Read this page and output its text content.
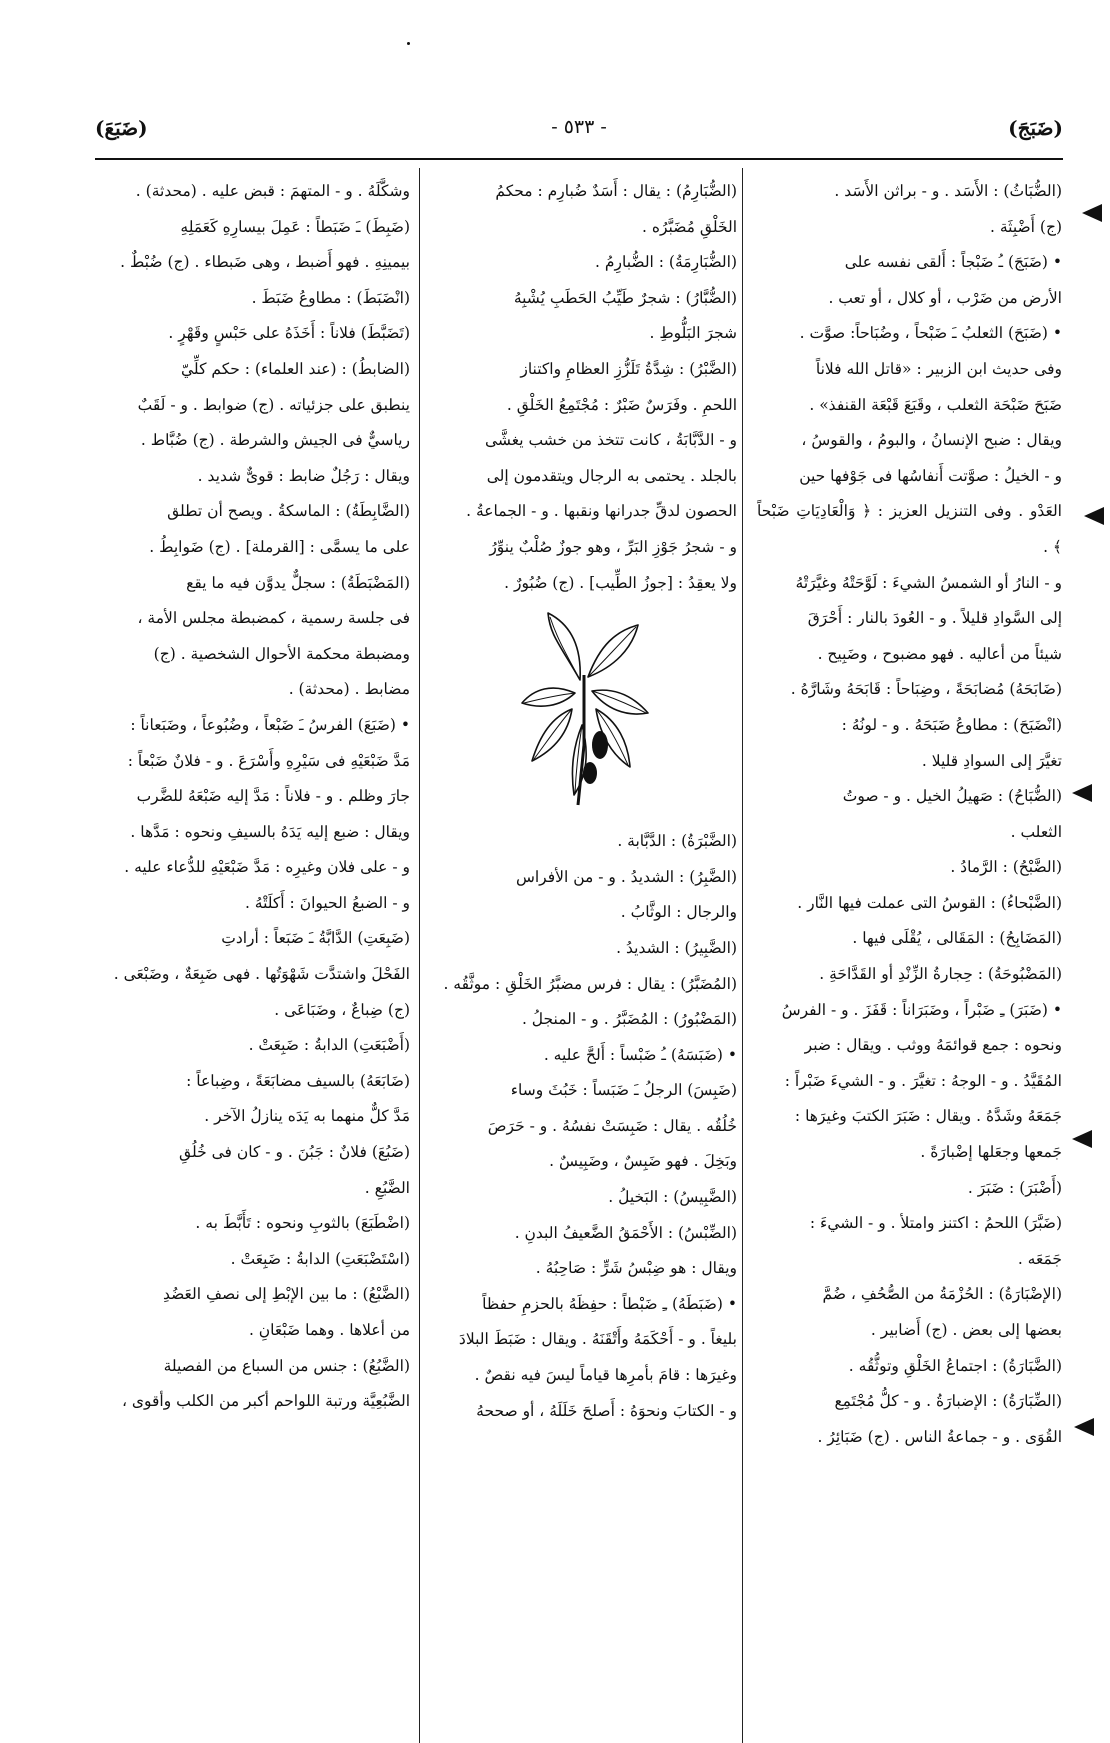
(ضَبَجَ)
- ٥٣٣ -
(ضَبَعَ)

(الضُّبَاثُ) : الأَسَد . و - براثن الأَسَد .

(ج) أَضْبِثَة .

• (ضَبَجَ) ـُ ضَبْجاً : أَلقى نفسه على

الأرض من ضَرْب ، أو كلال ، أو تعب .

• (ضَبَحَ) الثعلبُ ـَ ضَبْحاً ، وضُبَاحاً: صوَّت .

وفى حديث ابن الزبير : «قاتل الله فلاناً

ضَبَحَ ضَبْحَة الثعلب ، وقَبَعَ قَبْعَة القنفذ» .

ويقال : ضبح الإنسانُ ، والبومُ ، والقوسُ ،

و - الخيلُ : صوَّتت أَنفاسُها فى جَوْفها حين

العَدْو . وفى التنزيل العزيز : ﴿ وَالْعَادِيَاتِ ضَبْحاً ﴾ .

و - النارُ أو الشمسُ الشيءَ : لَوَّحَتْهُ وغيَّرَتْهُ

إلى السَّوادِ قليلاً . و - العُودَ بالنار : أَحْرَقَ

شيئاً من أعاليه . فهو مضبوح ، وضَبِيح .

(ضَابَحَهُ) مُضابَحَةً ، وضِبَاحاً : قَابَحَهُ وشَارَّهُ .

(انْضَبَحَ) : مطاوعُ ضَبَحَهُ . و - لونُهُ :

تغيَّرَ إلى السوادِ قليلا .

(الضُّبَاحُ) : صَهيلُ الخيل . و - صوتُ

الثعلب .

(الضَّبْحُ) : الرَّمادُ .

(الضَّبْحاءُ) : القوسُ التى عملت فيها النَّار .

(المَضَابِحُ) : المَقَالى ، يُقْلَى فيها .

(المَضْبُوحَةُ) : حِجارةُ الزِّنْدِ أو القَدَّاحَةِ .

• (ضَبَرَ) ـِ ضَبْراً ، وضَبَرَاناً : قَفَزَ . و - الفرسُ

ونحوه : جمع قوائمَهُ ووثب . ويقال : ضبر

المُقَيَّدُ . و - الوجهُ : تغيَّرَ . و - الشيءَ ضَبْراً :

جَمَعَهُ وشَدَّهُ . ويقال : ضَبَرَ الكتبَ وغيرَها :

جَمعها وجعَلها إضْبارَةً .

(أَضْبَرَ) : ضَبَرَ .

(ضَبَّرَ) اللحمُ : اكتنز وامتلأ . و - الشيءَ :

جَمَعَه .

(الإضْبَارَةُ) : الحُزْمَةُ من الصُّحُفِ ، ضُمَّ

بعضها إلى بعض . (ج) أَضابير .

(الضَّبَارَةُ) : اجتماعُ الخَلْقِ وتوثُّقُه .

(الضِّبَارَةُ) : الإضبارَةُ . و - كلُّ مُجْتَمِع

القُوَى . و - جماعةُ الناس . (ج) ضَبَائِرُ .

(الضُّبَارِمُ) : يقال : أَسَدٌ ضُبارِم : محكمُ

الخَلْقِ مُضَبَّرُه .

(الضُّبَارِمَةُ) : الضُّبارِمُ .

(الضُّبَّارُ) : شجرٌ طَيِّبُ الحَطَبِ يُشْبِهُ

شجرَ البَلُّوطِ .

(الضَّبْرُ) : شِدَّةُ تَلَزُّزِ العظامِ واكتناز

اللحمِ . وفَرَسٌ ضَبْرٌ : مُجْتَمِعُ الخَلْقِ .

و - الدَّبَّابَةُ ، كانت تتخذ من خشب يغشَّى

بالجلد . يحتمى به الرجال ويتقدمون إلى

الحصون لدقِّ جدرانها ونقبها . و - الجماعةُ .

و - شجرُ جَوْزِ البَرِّ ، وهو جوزٌ صُلْبٌ ينوِّرُ

ولا يعقِدُ : [جوزُ الطِّيب] . (ج) ضُبُورٌ .

(الضَّبْرَةُ) : الدَّبَّابة .

(الضَّبِرُ) : الشديدُ . و - من الأفراس

والرجال : الوثَّابُ .

(الضَّبِيرُ) : الشديدُ .

(المُضَبَّرُ) : يقال : فرس مضبَّرُ الخَلْقِ : موثَّقُه .

(المَضْبُورُ) : المُضَبَّرُ . و - المنجلُ .

• (ضَبَسَهُ) ـُ ضَبْساً : أَلحَّ عليه .

(ضَبِسَ) الرجلُ ـَ ضَبَساً : خَبُثَ وساء

خُلُقُه . يقال : ضَبِسَتْ نفسُهُ . و - حَرَصَ

وبَخِلَ . فهو ضَبِسٌ ، وضَبِيسٌ .

(الضَّبِيسُ) : البَخيلُ .

(الضِّبْسُ) : الأَحْمَقُ الضَّعيفُ البدنِ .

ويقال : هو ضِبْسُ شَرٍّ : صَاحِبُهُ .

• (ضَبَطَهُ) ـِ ضَبْطاً : حفِظَهُ بالحزمِ حفظاً

بليغاً . و - أَحْكَمَهُ وأَتْقَنَهُ . ويقال : ضَبَطَ البلادَ

وغيرَها : قامَ بأمرِها قياماً ليسَ فيه نقصٌ .

و - الكتابَ ونحوَهُ : أَصلحَ خَلَلَهُ ، أو صححهُ

وشكَّلَهُ . و - المتهمَ : قبض عليه . (محدثة) .

(ضَبِطَ) ـَ ضَبَطاً : عَمِلَ بيسارِهِ كَعَمَلِهِ

بيمينِهِ . فهو أَضبط ، وهى ضَبطاء . (ج) ضُبْطٌ .

(انْضَبَطَ) : مطاوعُ ضَبَطَ .

(تَضَبَّطَ) فلاناً : أَخَذَهُ على حَبْسٍ وقَهْرٍ .

(الضابطُ) : (عند العلماء) : حكم كلِّيّ

ينطبق على جزئياته . (ج) ضوابط . و - لَقَبٌ

رياسيٌّ فى الجيش والشرطة . (ج) ضُبَّاط .

ويقال : رَجُلٌ ضابط : قوىٌّ شديد .

(الضَّابِطَةُ) : الماسكةُ . ويصح أن تطلق

على ما يسمَّى : [القرملة] . (ج) ضَوابِطُ .

(المَضْبَطَةُ) : سجلٌّ يدوَّن فيه ما يقع

فى جلسة رسمية ، كمضبطة مجلس الأمة ،

ومضبطة محكمة الأحوال الشخصية . (ج)

مضابط . (محدثة) .

• (ضَبَعَ) الفرسُ ـَ ضَبْعاً ، وضُبُوعاً ، وضَبَعاناً :

مَدَّ ضَبْعَيْهِ فى سَيْرِهِ وأَسْرَعَ . و - فلانٌ ضَبْعاً :

جارَ وظلم . و - فلاناً : مَدَّ إليه ضَبْعَهُ للضَّرب

ويقال : ضبع إليه يَدَهُ بالسيفِ ونحوه : مَدَّها .

و - على فلان وغيرِه : مَدَّ ضَبْعَيْهِ للدُّعاء عليه .

و - الضبعُ الحيوانَ : أَكلَتْهُ .

(ضَبِعَتِ) الدَّابَّةُ ـَ ضَبَعاً : أرادتِ

الفَحْلَ واشتدَّت شَهْوَتُها . فهى ضَبِعَةٌ ، وضَبْعَى .

(ج) ضِباعٌ ، وضَبَاعَى .

(أَضْبَعَتِ) الدابةُ : ضَبِعَتْ .

(ضَابَعَهُ) بالسيف مضابَعَةً ، وضِباعاً :

مَدَّ كلٌّ منهما به يَدَه ينازلُ الآخر .

(ضَبُعَ) فلانٌ : جَبُنَ . و - كان فى خُلُقِ

الضَّبُعِ .

(اضْطَبَعَ) بالثوبِ ونحوه : تَأَبَّطَ به .

(اسْتَضْبَعَتِ) الدابةُ : ضَبِعَتْ .

(الضَّبْعُ) : ما بين الإبْطِ إلى نصفِ العَضُدِ

من أعلاها . وهما ضَبْعَانِ .

(الضَّبُعُ) : جنس من السباع من الفصيلة

الضَّبُعِيَّة ورتبة اللواحم أكبر من الكلب وأقوى ،
